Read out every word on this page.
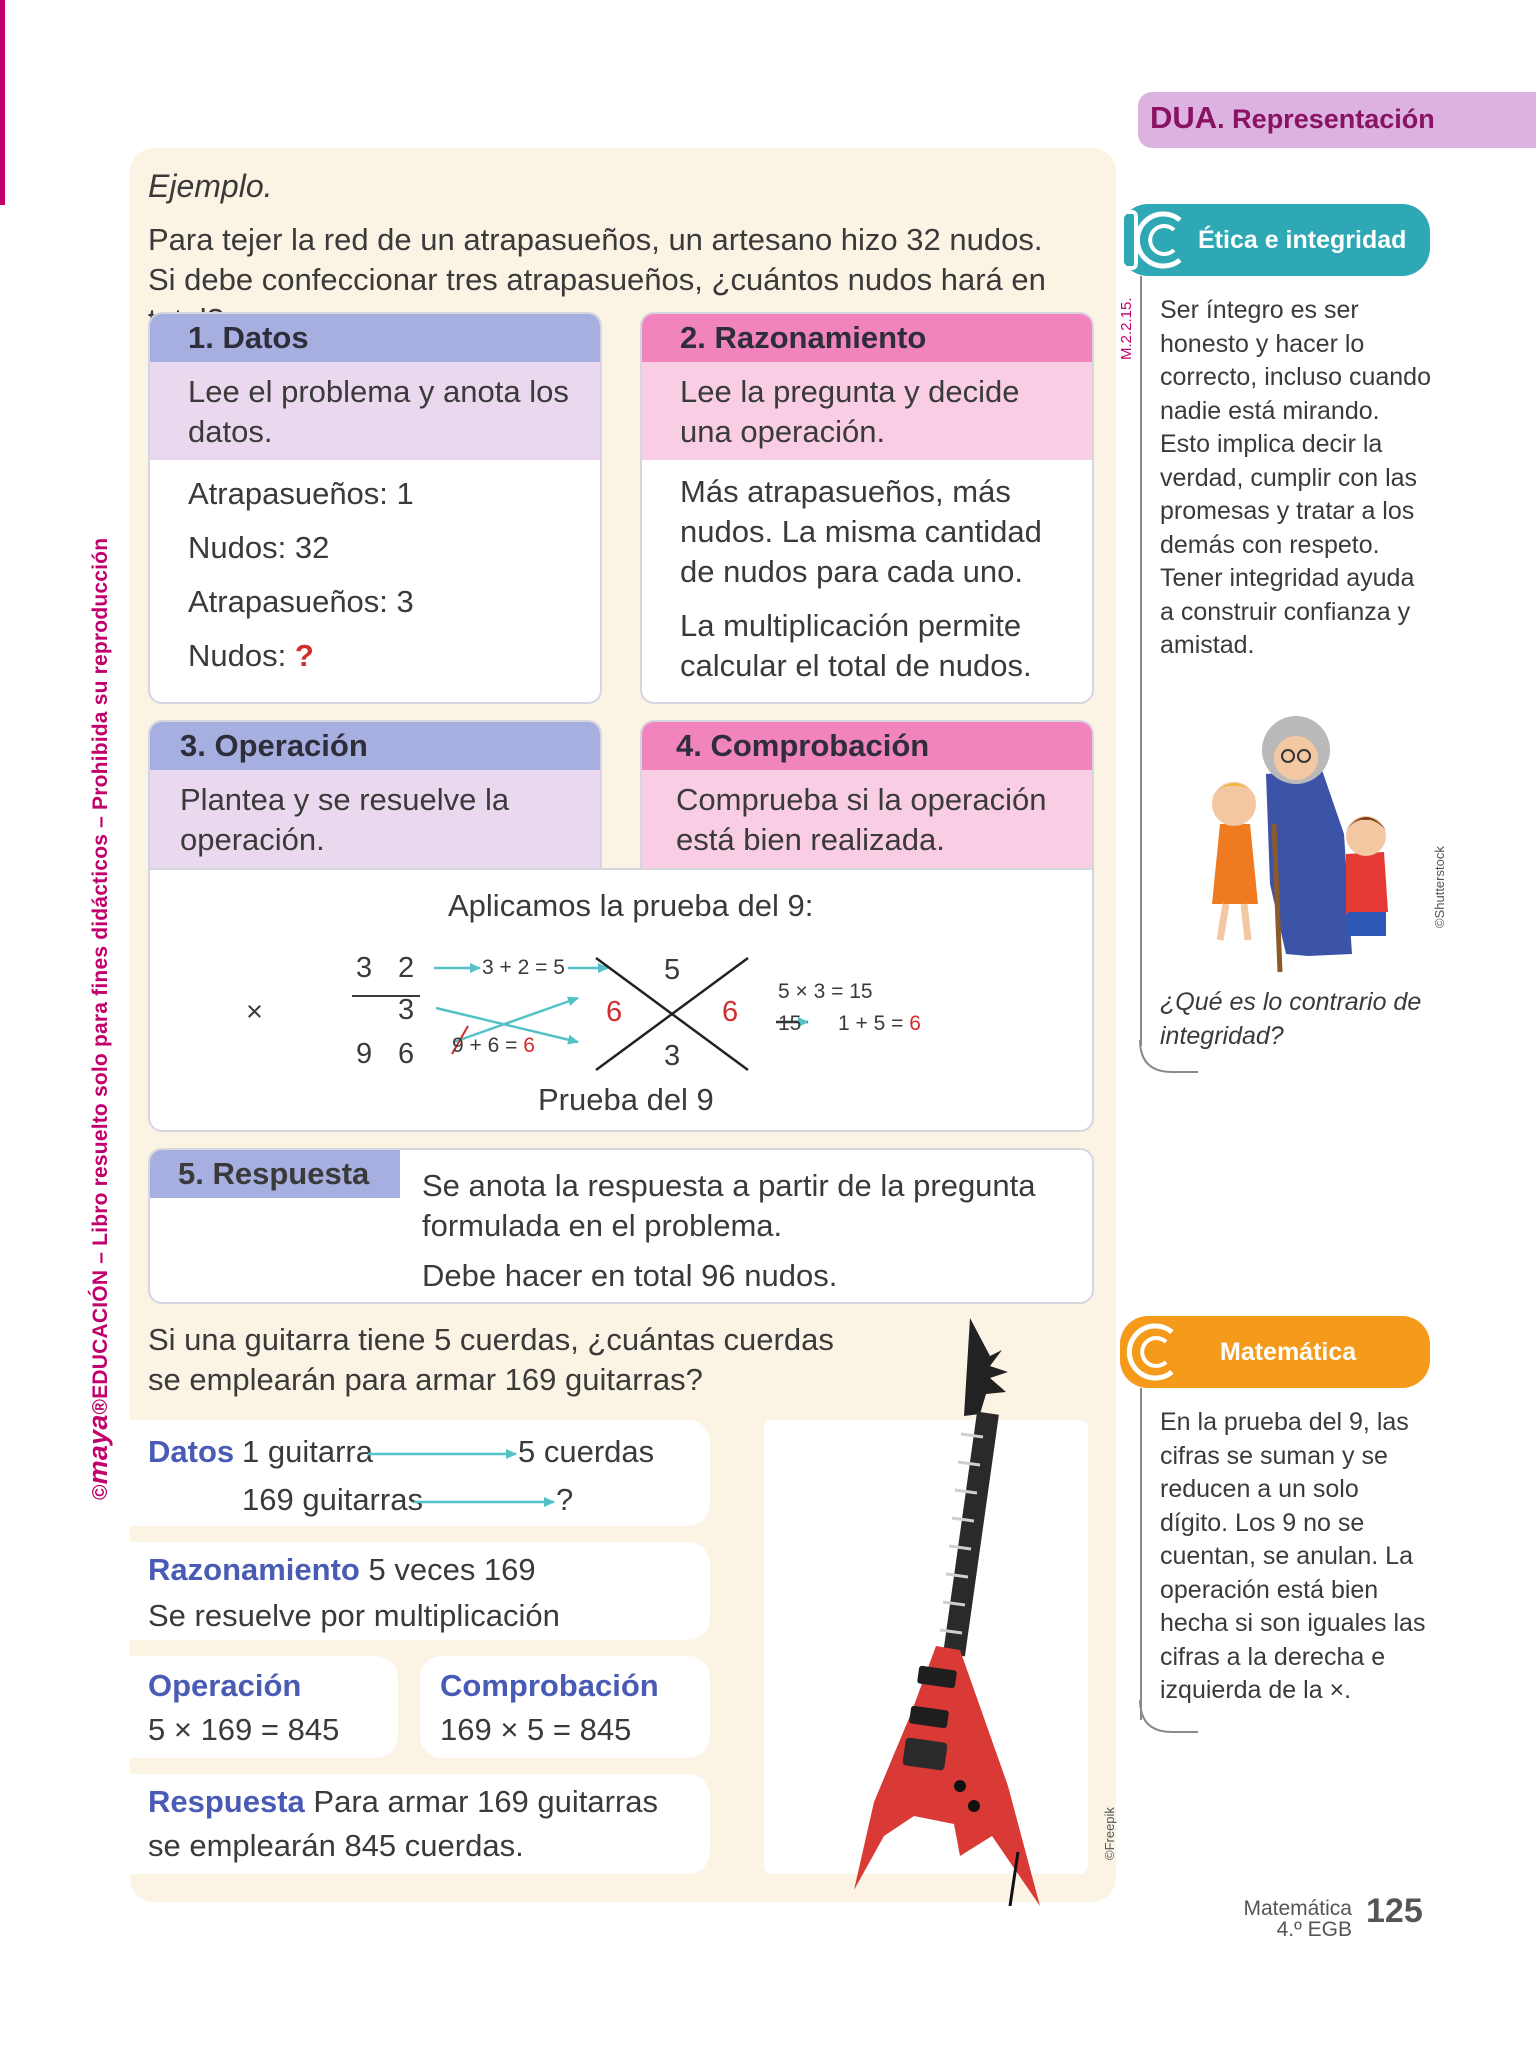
©maya®EDUCACIÓN – Libro resuelto solo para fines didácticos – Prohibida su reproducción
Ejemplo.
Para tejer la red de un atrapasueños, un artesano hizo 32 nudos. Si debe confeccionar tres atrapasueños, ¿cuántos nudos hará en
1. Datos
Lee el problema y anota los datos.

Atrapasueños: 1

Nudos: 32

Atrapasueños: 3

Nudos: ?

2. Razonamiento
Lee la pregunta y decide una operación.

Más atrapasueños, más nudos. La misma cantidad de nudos para cada uno.

La multiplicación permite calcular el total de nudos.

3. Operación
Plantea y se resuelve la operación.
4. Comprobación
Comprueba si la operación está bien realizada.
Aplicamos la prueba del 9:
×
3 2
3
9 6
3 + 2 = 5
9 + 6 = 6
5
6	6
3
5 × 3 = 15
15 1 + 5 = 6
Prueba del 9
5. Respuesta	Se anota la respuesta a partir de la pregunta formulada en el problema.
Debe hacer en total 96 nudos.
Si una guitarra tiene 5 cuerdas, ¿cuántas cuerdas se emplearán para armar 169 guitarras?
Datos 1 guitarra	5 cuerdas
169 guitarras	?
Razonamiento 5 veces 169
Se resuelve por multiplicación
Operación
5 × 169 = 845
Comprobación
169 × 5 = 845
Respuesta Para armar 169 guitarras
se emplearán 845 cuerdas.
DUA. Representación
Ética e integridad
M.2.2.15. Ser íntegro es ser honesto y hacer lo correcto, incluso cuando nadie está mirando. Esto implica decir la verdad, cumplir con las promesas y tratar a los demás con respeto. Tener integridad ayuda a construir confianza y amistad.
©Shutterstock
¿Qué es lo contrario de integridad?
Matemática
En la prueba del 9, las cifras se suman y se reducen a un solo dígito. Los 9 no se cuentan, se anulan. La operación está bien hecha si son iguales las cifras a la derecha e izquierda de la ×.
©Freepik
Matemática
4.º EGB 125
